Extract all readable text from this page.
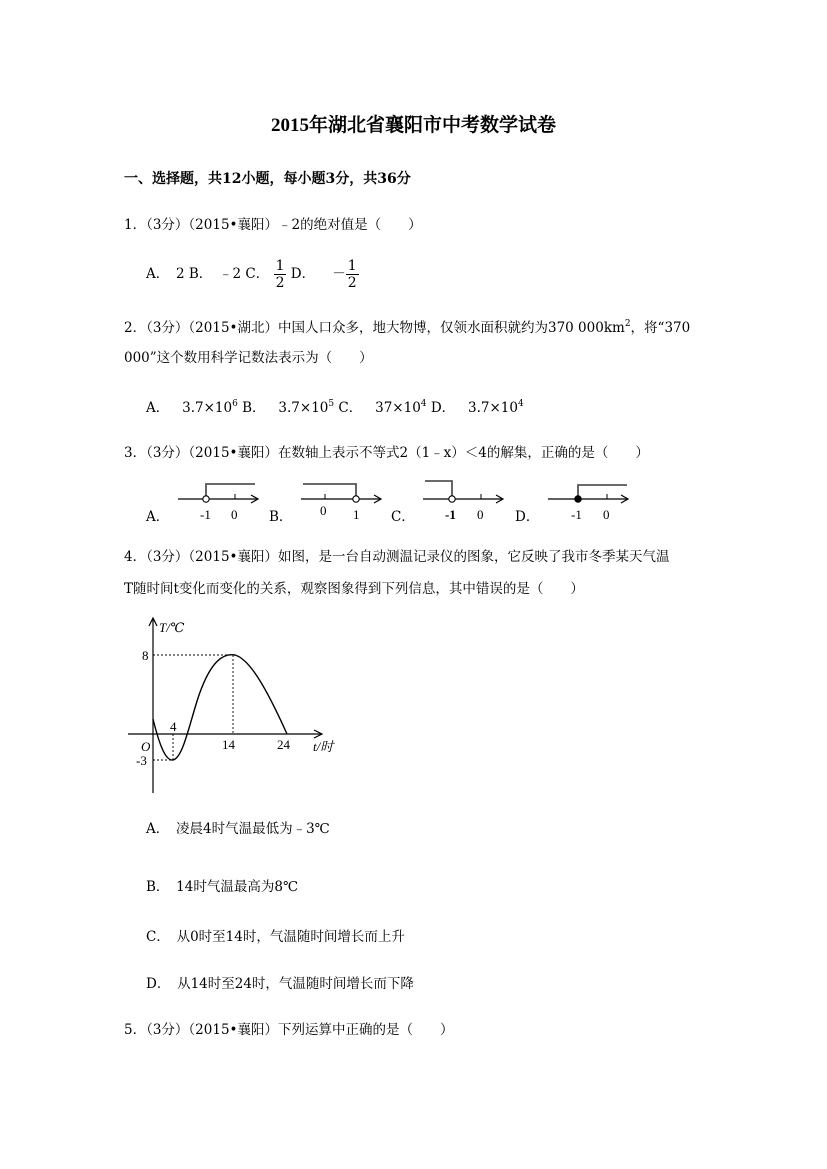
2015年湖北省襄阳市中考数学试卷
一、选择题，共12小题，每小题3分，共36分
1．（3分）（2015•襄阳）﹣2的绝对值是（　　）
A．　2 B．　﹣2 C． $\frac{1}{2}$ D． － $\frac{1}{2}$
2．（3分）（2015•湖北）中国人口众多，地大物博，仅领水面积就约为370 $000km^2$，将“370
000”这个数用科学记数法表示为（　　）
A． $3.7\times 10^6$ B． $3.7\times 10^5$ C． $37\times 10^4$ D． $3.7\times 10^4$
3．（3分）（2015•襄阳）在数轴上表示不等式2（1﹣x）＜4的解集，正确的是（　　）
A．	B．	C．	D．
-1 0	0 1	-1 0	-1 0
4．（3分）（2015•襄阳）如图，是一台自动测温记录仪的图象，它反映了我市冬季某天气温
T随时间t变化而变化的关系，观察图象得到下列信息，其中错误的是（　　）
T/℃
8
-3
O
4
14	24 t/时
A．　凌晨4时气温最低为﹣3℃
B．　14时气温最高为8℃
C．　从0时至14时，气温随时间增长而上升
D．　从14时至24时，气温随时间增长而下降
5．（3分）（2015•襄阳）下列运算中正确的是（　　）
